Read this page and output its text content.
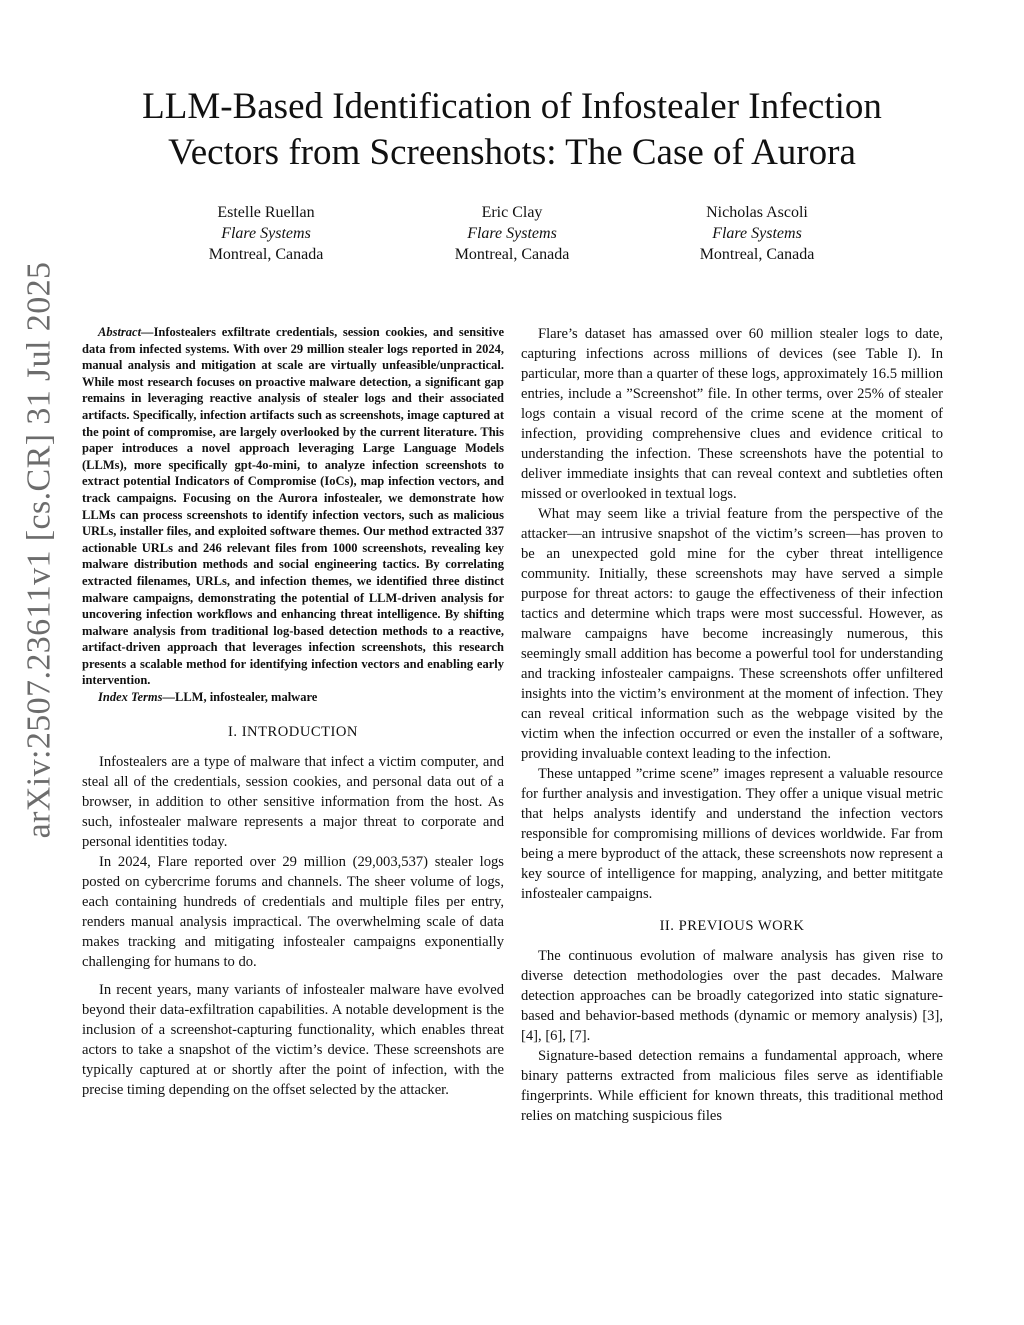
arXiv:2507.23611v1 [cs.CR] 31 Jul 2025
LLM-Based Identification of Infostealer Infection
Vectors from Screenshots: The Case of Aurora
Estelle Ruellan
Flare Systems
Montreal, Canada
Eric Clay
Flare Systems
Montreal, Canada
Nicholas Ascoli
Flare Systems
Montreal, Canada

Abstract—Infostealers exfiltrate credentials, session cookies, and sensitive data from infected systems. With over 29 million stealer logs reported in 2024, manual analysis and mitigation at scale are virtually unfeasible/unpractical. While most research focuses on proactive malware detection, a significant gap remains in leveraging reactive analysis of stealer logs and their associated artifacts. Specifically, infection artifacts such as screenshots, image captured at the point of compromise, are largely overlooked by the current literature. This paper introduces a novel approach leveraging Large Language Models (LLMs), more specifically gpt-4o-mini, to analyze infection screenshots to extract potential Indicators of Compromise (IoCs), map infection vectors, and track campaigns. Focusing on the Aurora infostealer, we demonstrate how LLMs can process screenshots to identify infection vectors, such as malicious URLs, installer files, and exploited software themes. Our method extracted 337 actionable URLs and 246 relevant files from 1000 screenshots, revealing key malware distribution methods and social engineering tactics. By correlating extracted filenames, URLs, and infection themes, we identified three distinct malware campaigns, demonstrating the potential of LLM-driven analysis for uncovering infection workflows and enhancing threat intelligence. By shifting malware analysis from traditional log-based detection methods to a reactive, artifact-driven approach that leverages infection screenshots, this research presents a scalable method for identifying infection vectors and enabling early intervention.

Index Terms—LLM, infostealer, malware

I. INTRODUCTION

Infostealers are a type of malware that infect a victim computer, and steal all of the credentials, session cookies, and personal data out of a browser, in addition to other sensitive information from the host. As such, infostealer malware represents a major threat to corporate and personal identities today.

In 2024, Flare reported over 29 million (29,003,537) stealer logs posted on cybercrime forums and channels. The sheer volume of logs, each containing hundreds of credentials and multiple files per entry, renders manual analysis impractical. The overwhelming scale of data makes tracking and mitigating infostealer campaigns exponentially challenging for humans to do.

In recent years, many variants of infostealer malware have evolved beyond their data-exfiltration capabilities. A notable development is the inclusion of a screenshot-capturing functionality, which enables threat actors to take a snapshot of the victim’s device. These screenshots are typically captured at or shortly after the point of infection, with the precise timing depending on the offset selected by the attacker.

Flare’s dataset has amassed over 60 million stealer logs to date, capturing infections across millions of devices (see Table I). In particular, more than a quarter of these logs, approximately 16.5 million entries, include a ”Screenshot” file. In other terms, over 25% of stealer logs contain a visual record of the crime scene at the moment of infection, providing comprehensive clues and evidence critical to understanding the infection. These screenshots have the potential to deliver immediate insights that can reveal context and subtleties often missed or overlooked in textual logs.

What may seem like a trivial feature from the perspective of the attacker—an intrusive snapshot of the victim’s screen—has proven to be an unexpected gold mine for the cyber threat intelligence community. Initially, these screenshots may have served a simple purpose for threat actors: to gauge the effectiveness of their infection tactics and determine which traps were most successful. However, as malware campaigns have become increasingly numerous, this seemingly small addition has become a powerful tool for understanding and tracking infostealer campaigns. These screenshots offer unfiltered insights into the victim’s environment at the moment of infection. They can reveal critical information such as the webpage visited by the victim when the infection occurred or even the installer of a software, providing invaluable context leading to the infection.

These untapped ”crime scene” images represent a valuable resource for further analysis and investigation. They offer a unique visual metric that helps analysts identify and understand the infection vectors responsible for compromising millions of devices worldwide. Far from being a mere byproduct of the attack, these screenshots now represent a key source of intelligence for mapping, analyzing, and better mititgate infostealer campaigns.

II. PREVIOUS WORK

The continuous evolution of malware analysis has given rise to diverse detection methodologies over the past decades. Malware detection approaches can be broadly categorized into static signature-based and behavior-based methods (dynamic or memory analysis) [3], [4], [6], [7].

Signature-based detection remains a fundamental approach, where binary patterns extracted from malicious files serve as identifiable fingerprints. While efficient for known threats, this traditional method relies on matching suspicious files
